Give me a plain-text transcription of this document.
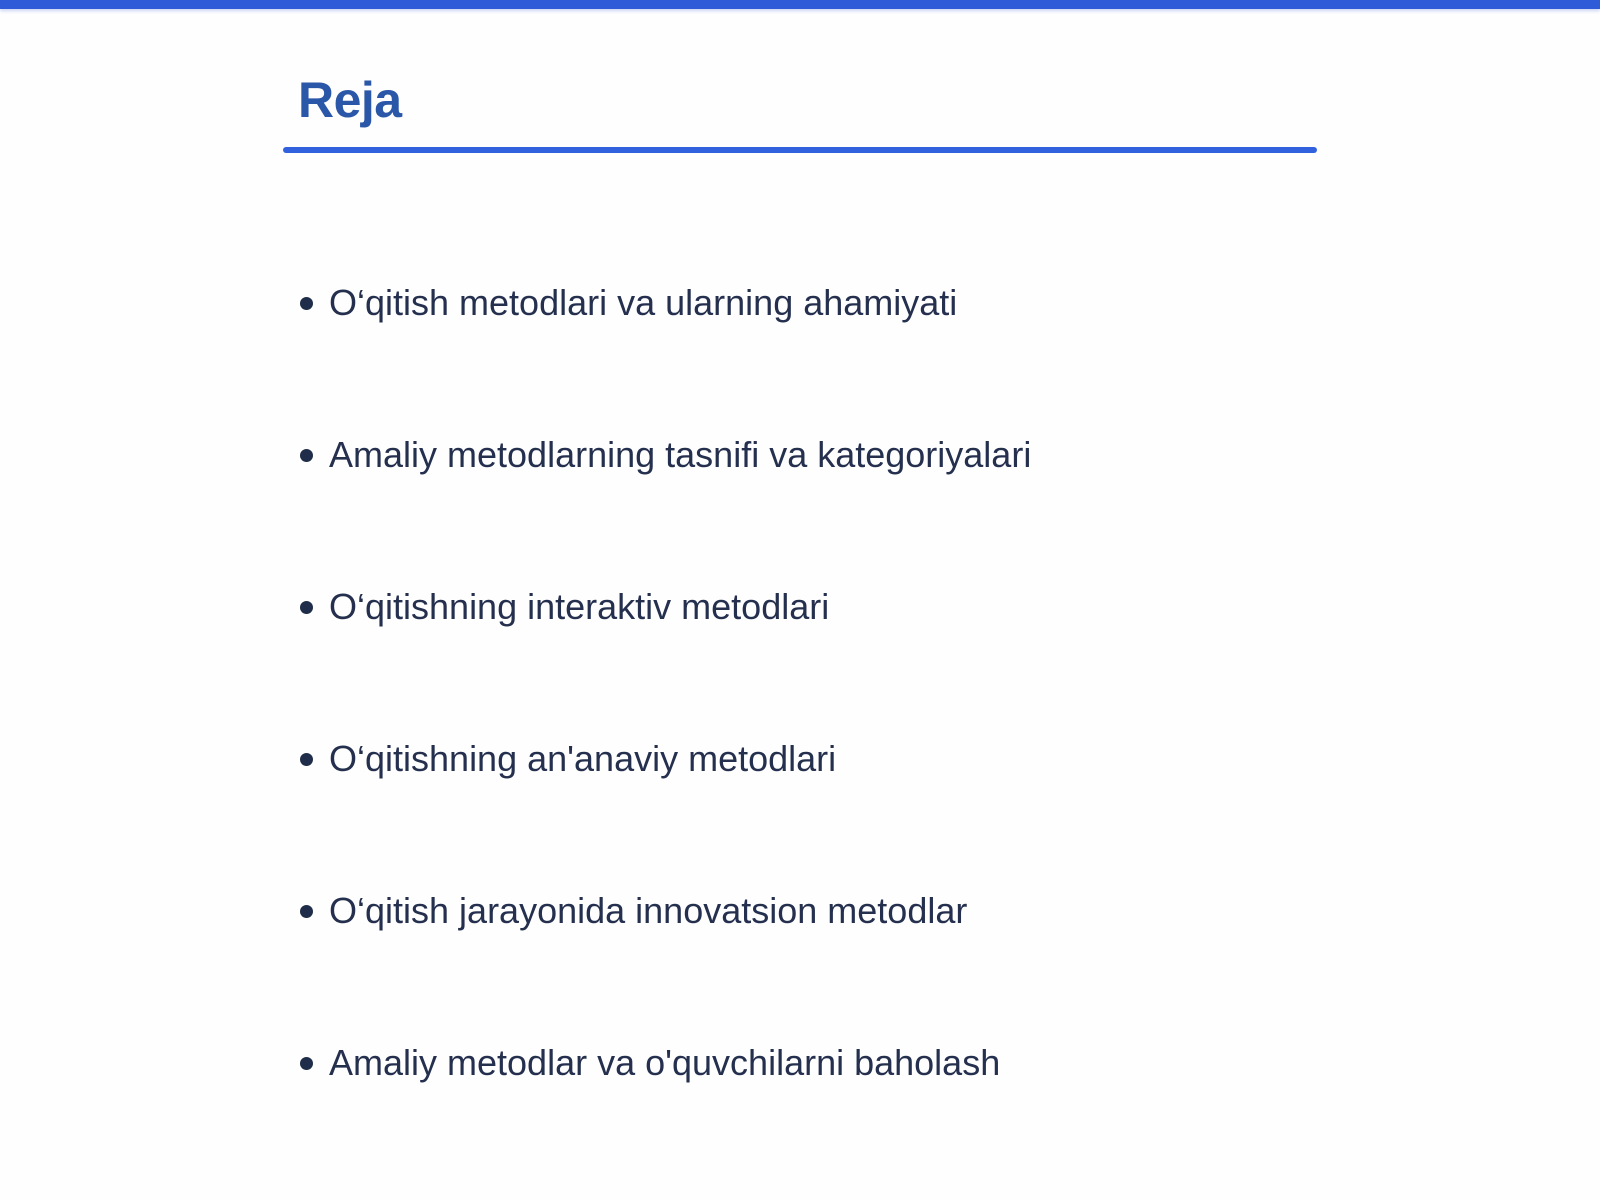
Reja
O‘qitish metodlari va ularning ahamiyati
Amaliy metodlarning tasnifi va kategoriyalari
O‘qitishning interaktiv metodlari
O‘qitishning an'anaviy metodlari
O‘qitish jarayonida innovatsion metodlar
Amaliy metodlar va o'quvchilarni baholash
